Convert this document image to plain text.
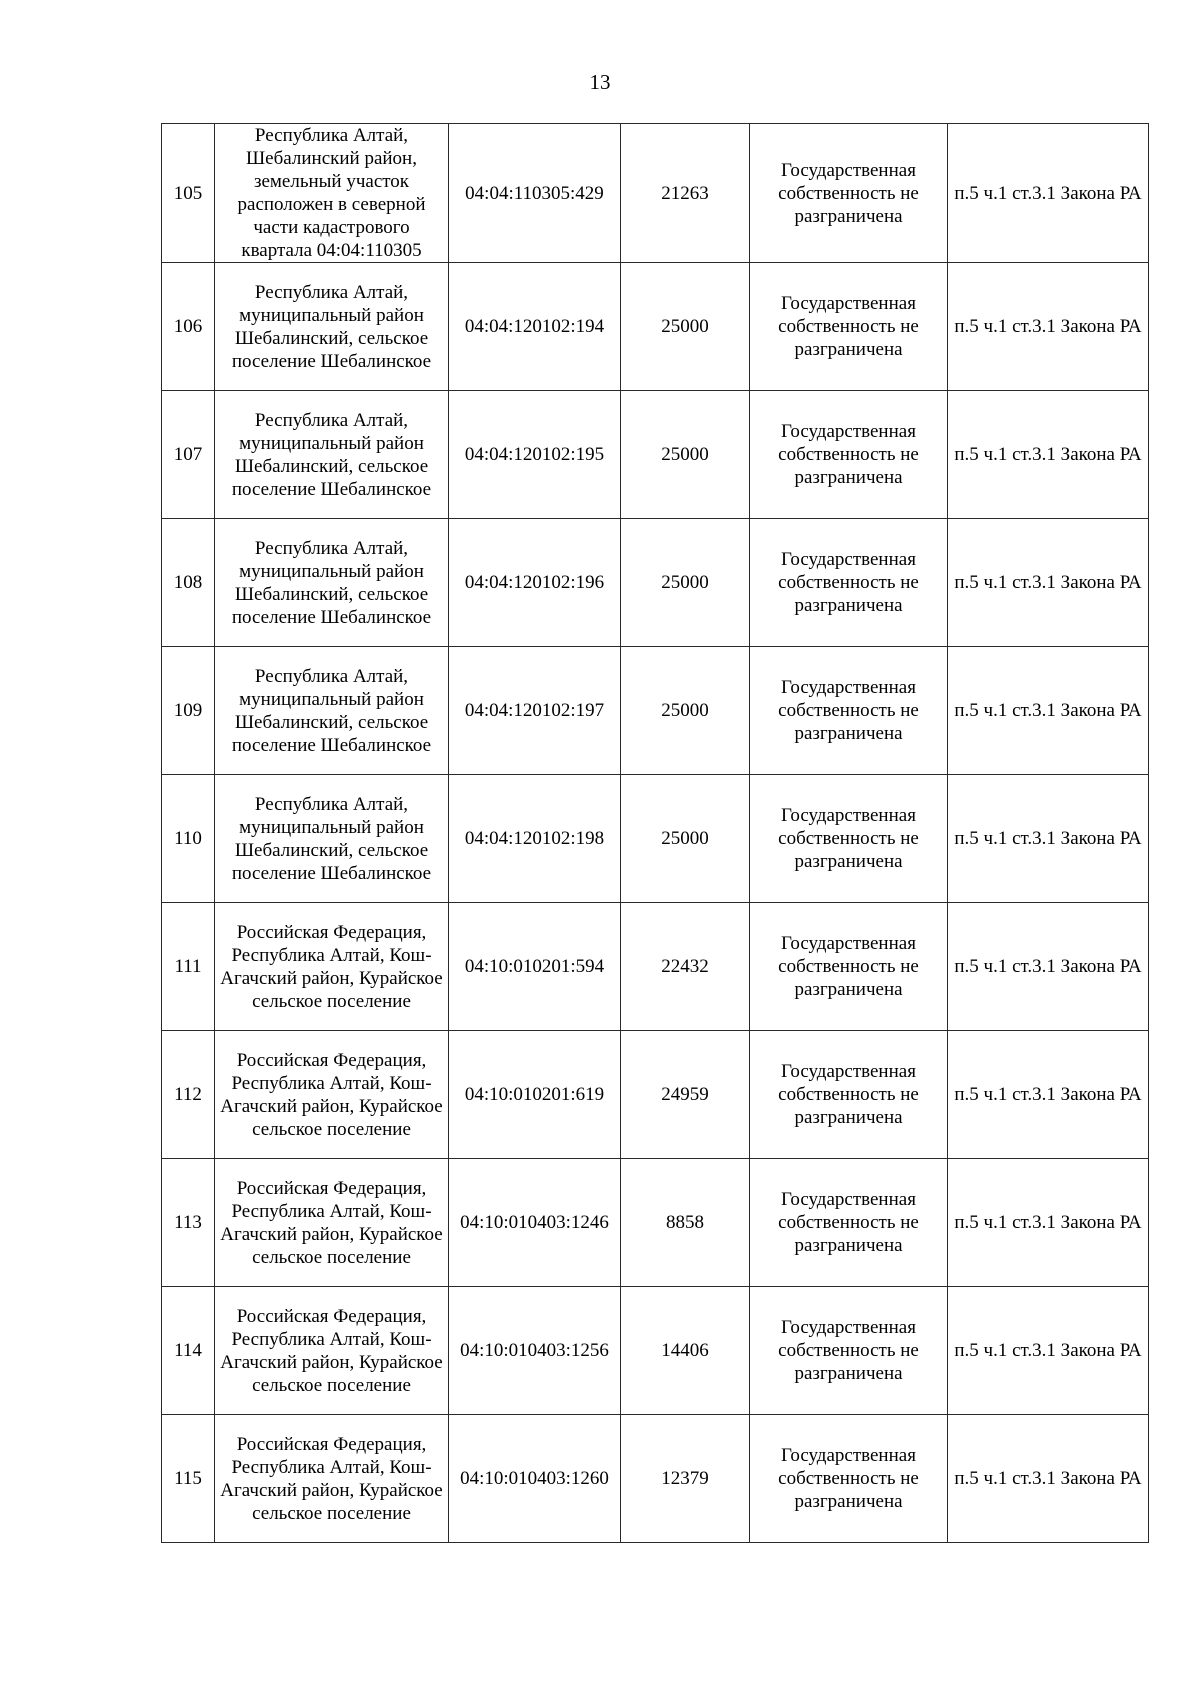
13
105	Республика Алтай, Шебалинский район, земельный участок расположен в северной части кадастрового квартала 04:04:110305	04:04:110305:429	21263	Государственная собственность не разграничена	п.5 ч.1 ст.3.1 Закона РА
106	Республика Алтай, муниципальный район Шебалинский, сельское поселение Шебалинское	04:04:120102:194	25000	Государственная собственность не разграничена	п.5 ч.1 ст.3.1 Закона РА
107	Республика Алтай, муниципальный район Шебалинский, сельское поселение Шебалинское	04:04:120102:195	25000	Государственная собственность не разграничена	п.5 ч.1 ст.3.1 Закона РА
108	Республика Алтай, муниципальный район Шебалинский, сельское поселение Шебалинское	04:04:120102:196	25000	Государственная собственность не разграничена	п.5 ч.1 ст.3.1 Закона РА
109	Республика Алтай, муниципальный район Шебалинский, сельское поселение Шебалинское	04:04:120102:197	25000	Государственная собственность не разграничена	п.5 ч.1 ст.3.1 Закона РА
110	Республика Алтай, муниципальный район Шебалинский, сельское поселение Шебалинское	04:04:120102:198	25000	Государственная собственность не разграничена	п.5 ч.1 ст.3.1 Закона РА
111	Российская Федерация, Республика Алтай, Кош-Агачский район, Курайское сельское поселение	04:10:010201:594	22432	Государственная собственность не разграничена	п.5 ч.1 ст.3.1 Закона РА
112	Российская Федерация, Республика Алтай, Кош-Агачский район, Курайское сельское поселение	04:10:010201:619	24959	Государственная собственность не разграничена	п.5 ч.1 ст.3.1 Закона РА
113	Российская Федерация, Республика Алтай, Кош-Агачский район, Курайское сельское поселение	04:10:010403:1246	8858	Государственная собственность не разграничена	п.5 ч.1 ст.3.1 Закона РА
114	Российская Федерация, Республика Алтай, Кош-Агачский район, Курайское сельское поселение	04:10:010403:1256	14406	Государственная собственность не разграничена	п.5 ч.1 ст.3.1 Закона РА
115	Российская Федерация, Республика Алтай, Кош-Агачский район, Курайское сельское поселение	04:10:010403:1260	12379	Государственная собственность не разграничена	п.5 ч.1 ст.3.1 Закона РА
